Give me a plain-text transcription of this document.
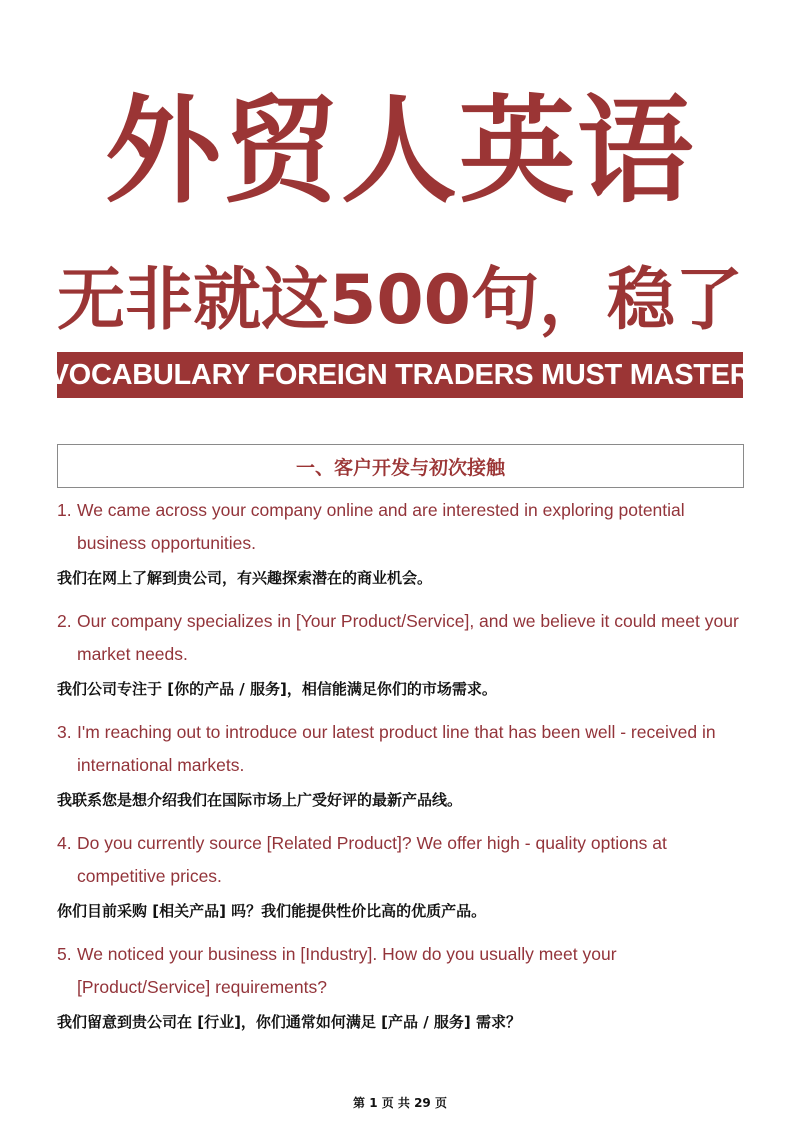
外贸人英语
无非就这500句，稳了
VOCABULARY FOREIGN TRADERS MUST MASTER
一、客户开发与初次接触
1. We came across your company online and are interested in exploring potential business opportunities.
我们在网上了解到贵公司，有兴趣探索潜在的商业机会。
2. Our company specializes in [Your Product/Service], and we believe it could meet your market needs.
我们公司专注于 [你的产品 / 服务]，相信能满足你们的市场需求。
3. I'm reaching out to introduce our latest product line that has been well - received in international markets.
我联系您是想介绍我们在国际市场上广受好评的最新产品线。
4. Do you currently source [Related Product]? We offer high - quality options at competitive prices.
你们目前采购 [相关产品] 吗？我们能提供性价比高的优质产品。
5. We noticed your business in [Industry]. How do you usually meet your [Product/Service] requirements?
我们留意到贵公司在 [行业]，你们通常如何满足 [产品 / 服务] 需求？
第 1 页 共 29 页
